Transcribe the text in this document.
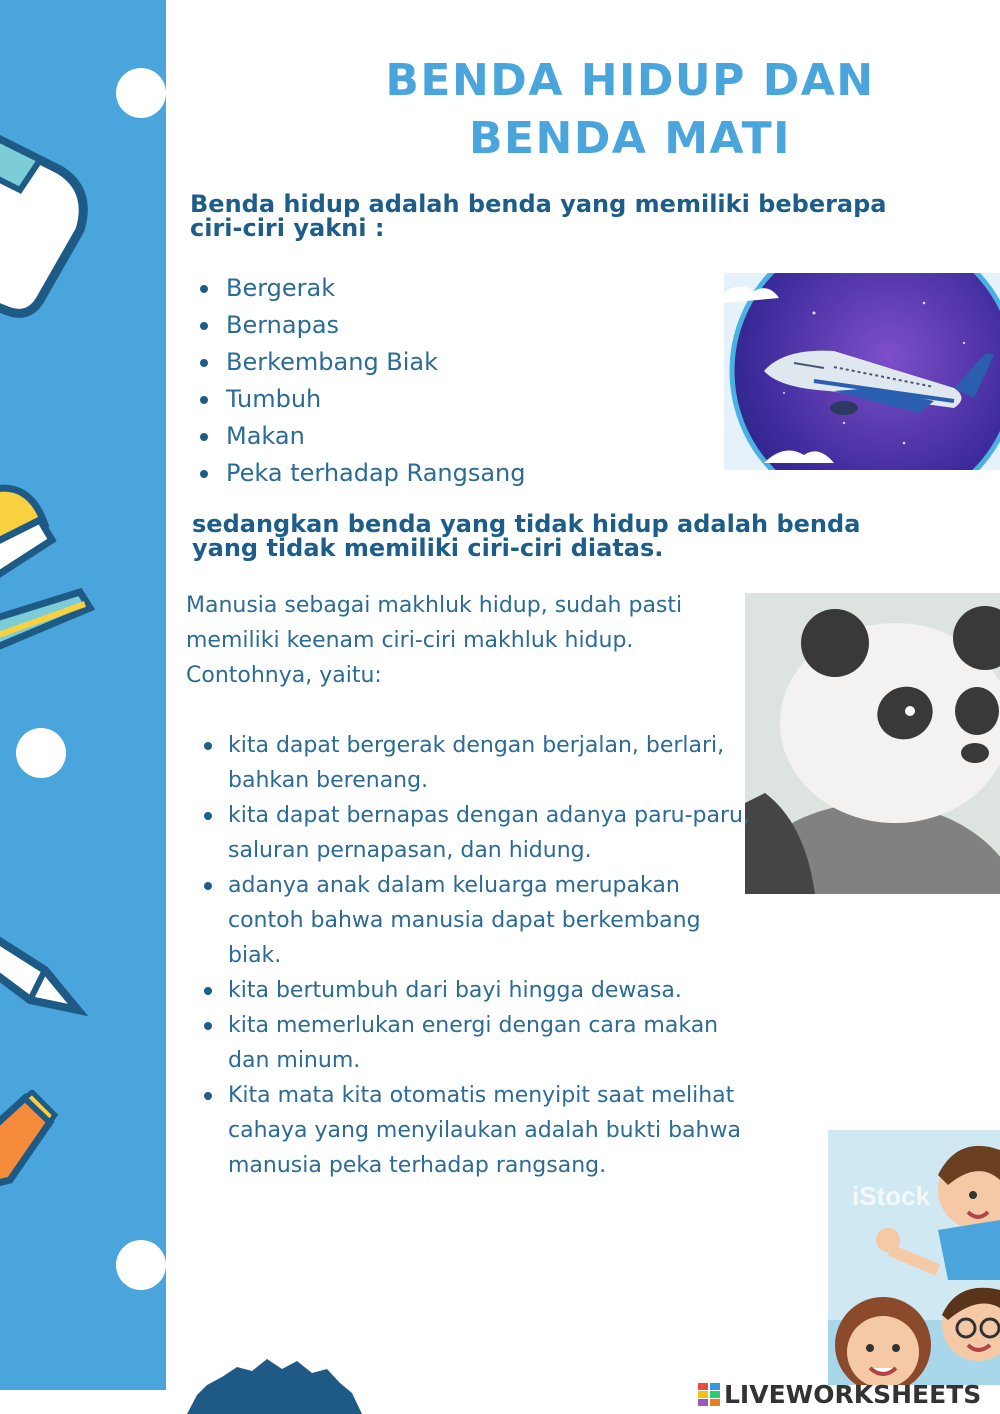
BENDA HIDUP DAN
BENDA MATI
Benda hidup adalah benda yang memiliki beberapa
ciri-ciri yakni :
Bergerak
Bernapas
Berkembang Biak
Tumbuh
Makan
Peka terhadap Rangsang
sedangkan benda yang tidak hidup adalah benda
yang tidak memiliki ciri-ciri diatas.
Manusia sebagai makhluk hidup, sudah pasti
memiliki keenam ciri-ciri makhluk hidup.
Contohnya, yaitu:
kita dapat bergerak dengan berjalan, berlari,
bahkan berenang.
kita dapat bernapas dengan adanya paru-paru,
saluran pernapasan, dan hidung.
adanya anak dalam keluarga merupakan
contoh bahwa manusia dapat berkembang
biak.
kita bertumbuh dari bayi hingga dewasa.
kita memerlukan energi dengan cara makan
dan minum.
Kita mata kita otomatis menyipit saat melihat
cahaya yang menyilaukan adalah bukti bahwa
manusia peka terhadap rangsang.
iStock
LIVEWORKSHEETS
